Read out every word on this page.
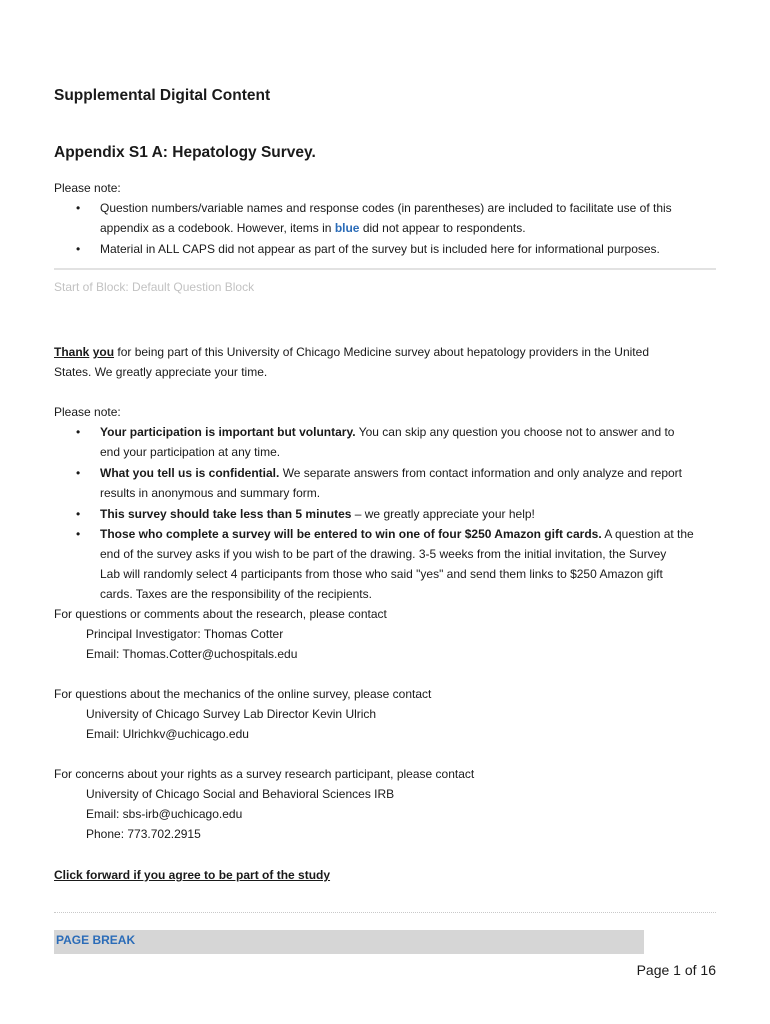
Supplemental Digital Content
Appendix S1 A: Hepatology Survey.
Please note:
• Question numbers/variable names and response codes (in parentheses) are included to facilitate use of this
appendix as a codebook. However, items in blue did not appear to respondents.
• Material in ALL CAPS did not appear as part of the survey but is included here for informational purposes.
Start of Block: Default Question Block
Thank you for being part of this University of Chicago Medicine survey about hepatology providers in the United
States. We greatly appreciate your time.
Please note:
• Your participation is important but voluntary. You can skip any question you choose not to answer and to
end your participation at any time.
• What you tell us is confidential. We separate answers from contact information and only analyze and report
results in anonymous and summary form.
• This survey should take less than 5 minutes – we greatly appreciate your help!
• Those who complete a survey will be entered to win one of four $250 Amazon gift cards. A question at the
end of the survey asks if you wish to be part of the drawing. 3-5 weeks from the initial invitation, the Survey
Lab will randomly select 4 participants from those who said "yes" and send them links to $250 Amazon gift
cards. Taxes are the responsibility of the recipients.
For questions or comments about the research, please contact
Principal Investigator: Thomas Cotter
Email: Thomas.Cotter@uchospitals.edu
For questions about the mechanics of the online survey, please contact
University of Chicago Survey Lab Director Kevin Ulrich
Email: Ulrichkv@uchicago.edu
For concerns about your rights as a survey research participant, please contact
University of Chicago Social and Behavioral Sciences IRB
Email: sbs-irb@uchicago.edu
Phone: 773.702.2915
Click forward if you agree to be part of the study
PAGE BREAK
Page 1 of 16
